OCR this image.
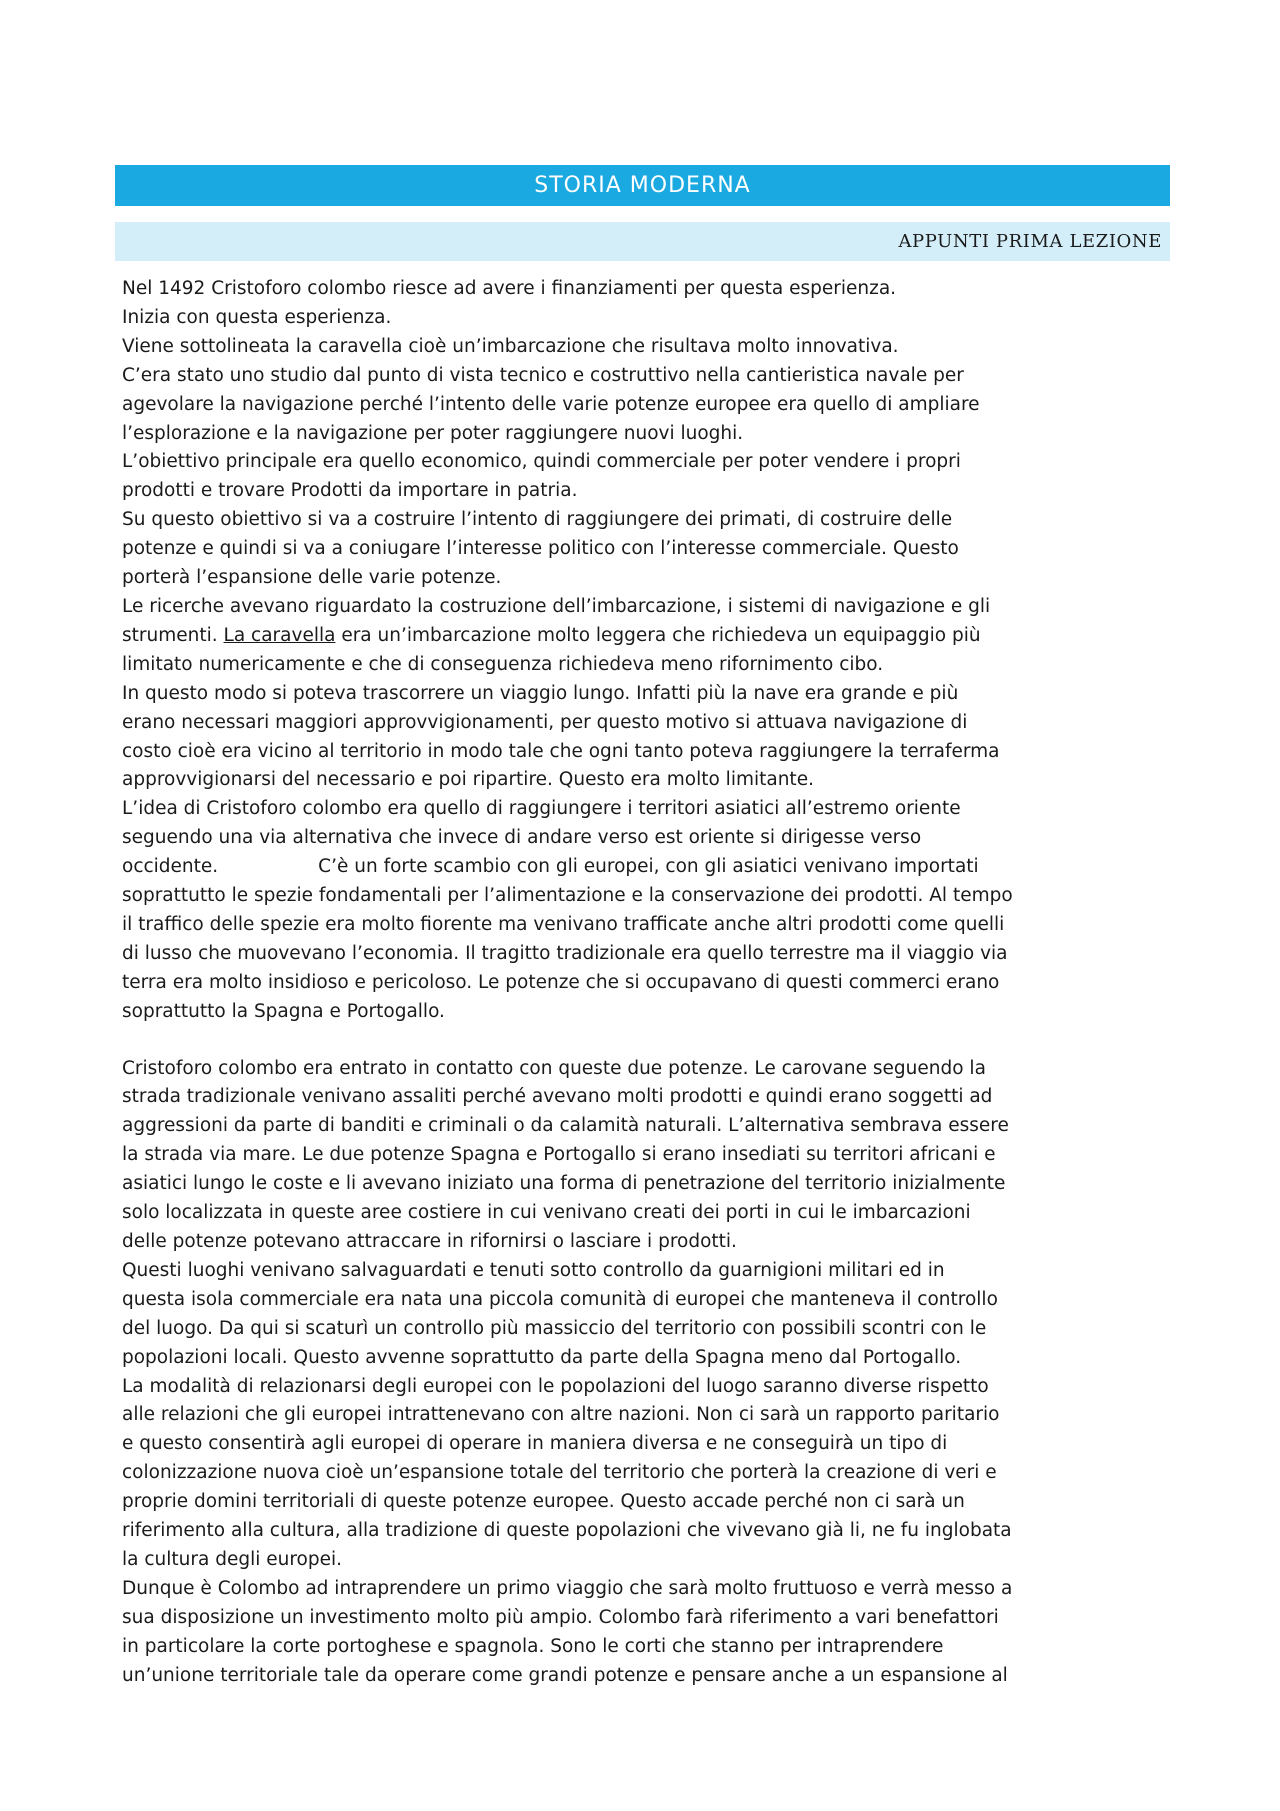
STORIA MODERNA
APPUNTI PRIMA LEZIONE

Nel 1492 Cristoforo colombo riesce ad avere i finanziamenti per questa esperienza.

Inizia con questa esperienza.

Viene sottolineata la caravella cioè un’imbarcazione che risultava molto innovativa.

C’era stato uno studio dal punto di vista tecnico e costruttivo nella cantieristica navale per

agevolare la navigazione perché l’intento delle varie potenze europee era quello di ampliare

l’esplorazione e la navigazione per poter raggiungere nuovi luoghi.

L’obiettivo principale era quello economico, quindi commerciale per poter vendere i propri

prodotti e trovare Prodotti da importare in patria.

Su questo obiettivo si va a costruire l’intento di raggiungere dei primati, di costruire delle

potenze e quindi si va a coniugare l’interesse politico con l’interesse commerciale. Questo

porterà l’espansione delle varie potenze.

Le ricerche avevano riguardato la costruzione dell’imbarcazione, i sistemi di navigazione e gli

strumenti. La caravella era un’imbarcazione molto leggera che richiedeva un equipaggio più

limitato numericamente e che di conseguenza richiedeva meno rifornimento cibo.

In questo modo si poteva trascorrere un viaggio lungo. Infatti più la nave era grande e più

erano necessari maggiori approvvigionamenti, per questo motivo si attuava navigazione di

costo cioè era vicino al territorio in modo tale che ogni tanto poteva raggiungere la terraferma

approvvigionarsi del necessario e poi ripartire. Questo era molto limitante.

L’idea di Cristoforo colombo era quello di raggiungere i territori asiatici all’estremo oriente

seguendo una via alternativa che invece di andare verso est oriente si dirigesse verso

occidente.	C’è un forte scambio con gli europei, con gli asiatici venivano importati

soprattutto le spezie fondamentali per l’alimentazione e la conservazione dei prodotti. Al tempo

il traffico delle spezie era molto fiorente ma venivano trafficate anche altri prodotti come quelli

di lusso che muovevano l’economia. Il tragitto tradizionale era quello terrestre ma il viaggio via

terra era molto insidioso e pericoloso. Le potenze che si occupavano di questi commerci erano

soprattutto la Spagna e Portogallo.

Cristoforo colombo era entrato in contatto con queste due potenze. Le carovane seguendo la

strada tradizionale venivano assaliti perché avevano molti prodotti e quindi erano soggetti ad

aggressioni da parte di banditi e criminali o da calamità naturali. L’alternativa sembrava essere

la strada via mare. Le due potenze Spagna e Portogallo si erano insediati su territori africani e

asiatici lungo le coste e li avevano iniziato una forma di penetrazione del territorio inizialmente

solo localizzata in queste aree costiere in cui venivano creati dei porti in cui le imbarcazioni

delle potenze potevano attraccare in rifornirsi o lasciare i prodotti.

Questi luoghi venivano salvaguardati e tenuti sotto controllo da guarnigioni militari ed in

questa isola commerciale era nata una piccola comunità di europei che manteneva il controllo

del luogo. Da qui si scaturì un controllo più massiccio del territorio con possibili scontri con le

popolazioni locali. Questo avvenne soprattutto da parte della Spagna meno dal Portogallo.

La modalità di relazionarsi degli europei con le popolazioni del luogo saranno diverse rispetto

alle relazioni che gli europei intrattenevano con altre nazioni. Non ci sarà un rapporto paritario

e questo consentirà agli europei di operare in maniera diversa e ne conseguirà un tipo di

colonizzazione nuova cioè un’espansione totale del territorio che porterà la creazione di veri e

proprie domini territoriali di queste potenze europee. Questo accade perché non ci sarà un

riferimento alla cultura, alla tradizione di queste popolazioni che vivevano già li, ne fu inglobata

la cultura degli europei.

Dunque è Colombo ad intraprendere un primo viaggio che sarà molto fruttuoso e verrà messo a

sua disposizione un investimento molto più ampio. Colombo farà riferimento a vari benefattori

in particolare la corte portoghese e spagnola. Sono le corti che stanno per intraprendere

un’unione territoriale tale da operare come grandi potenze e pensare anche a un espansione al
